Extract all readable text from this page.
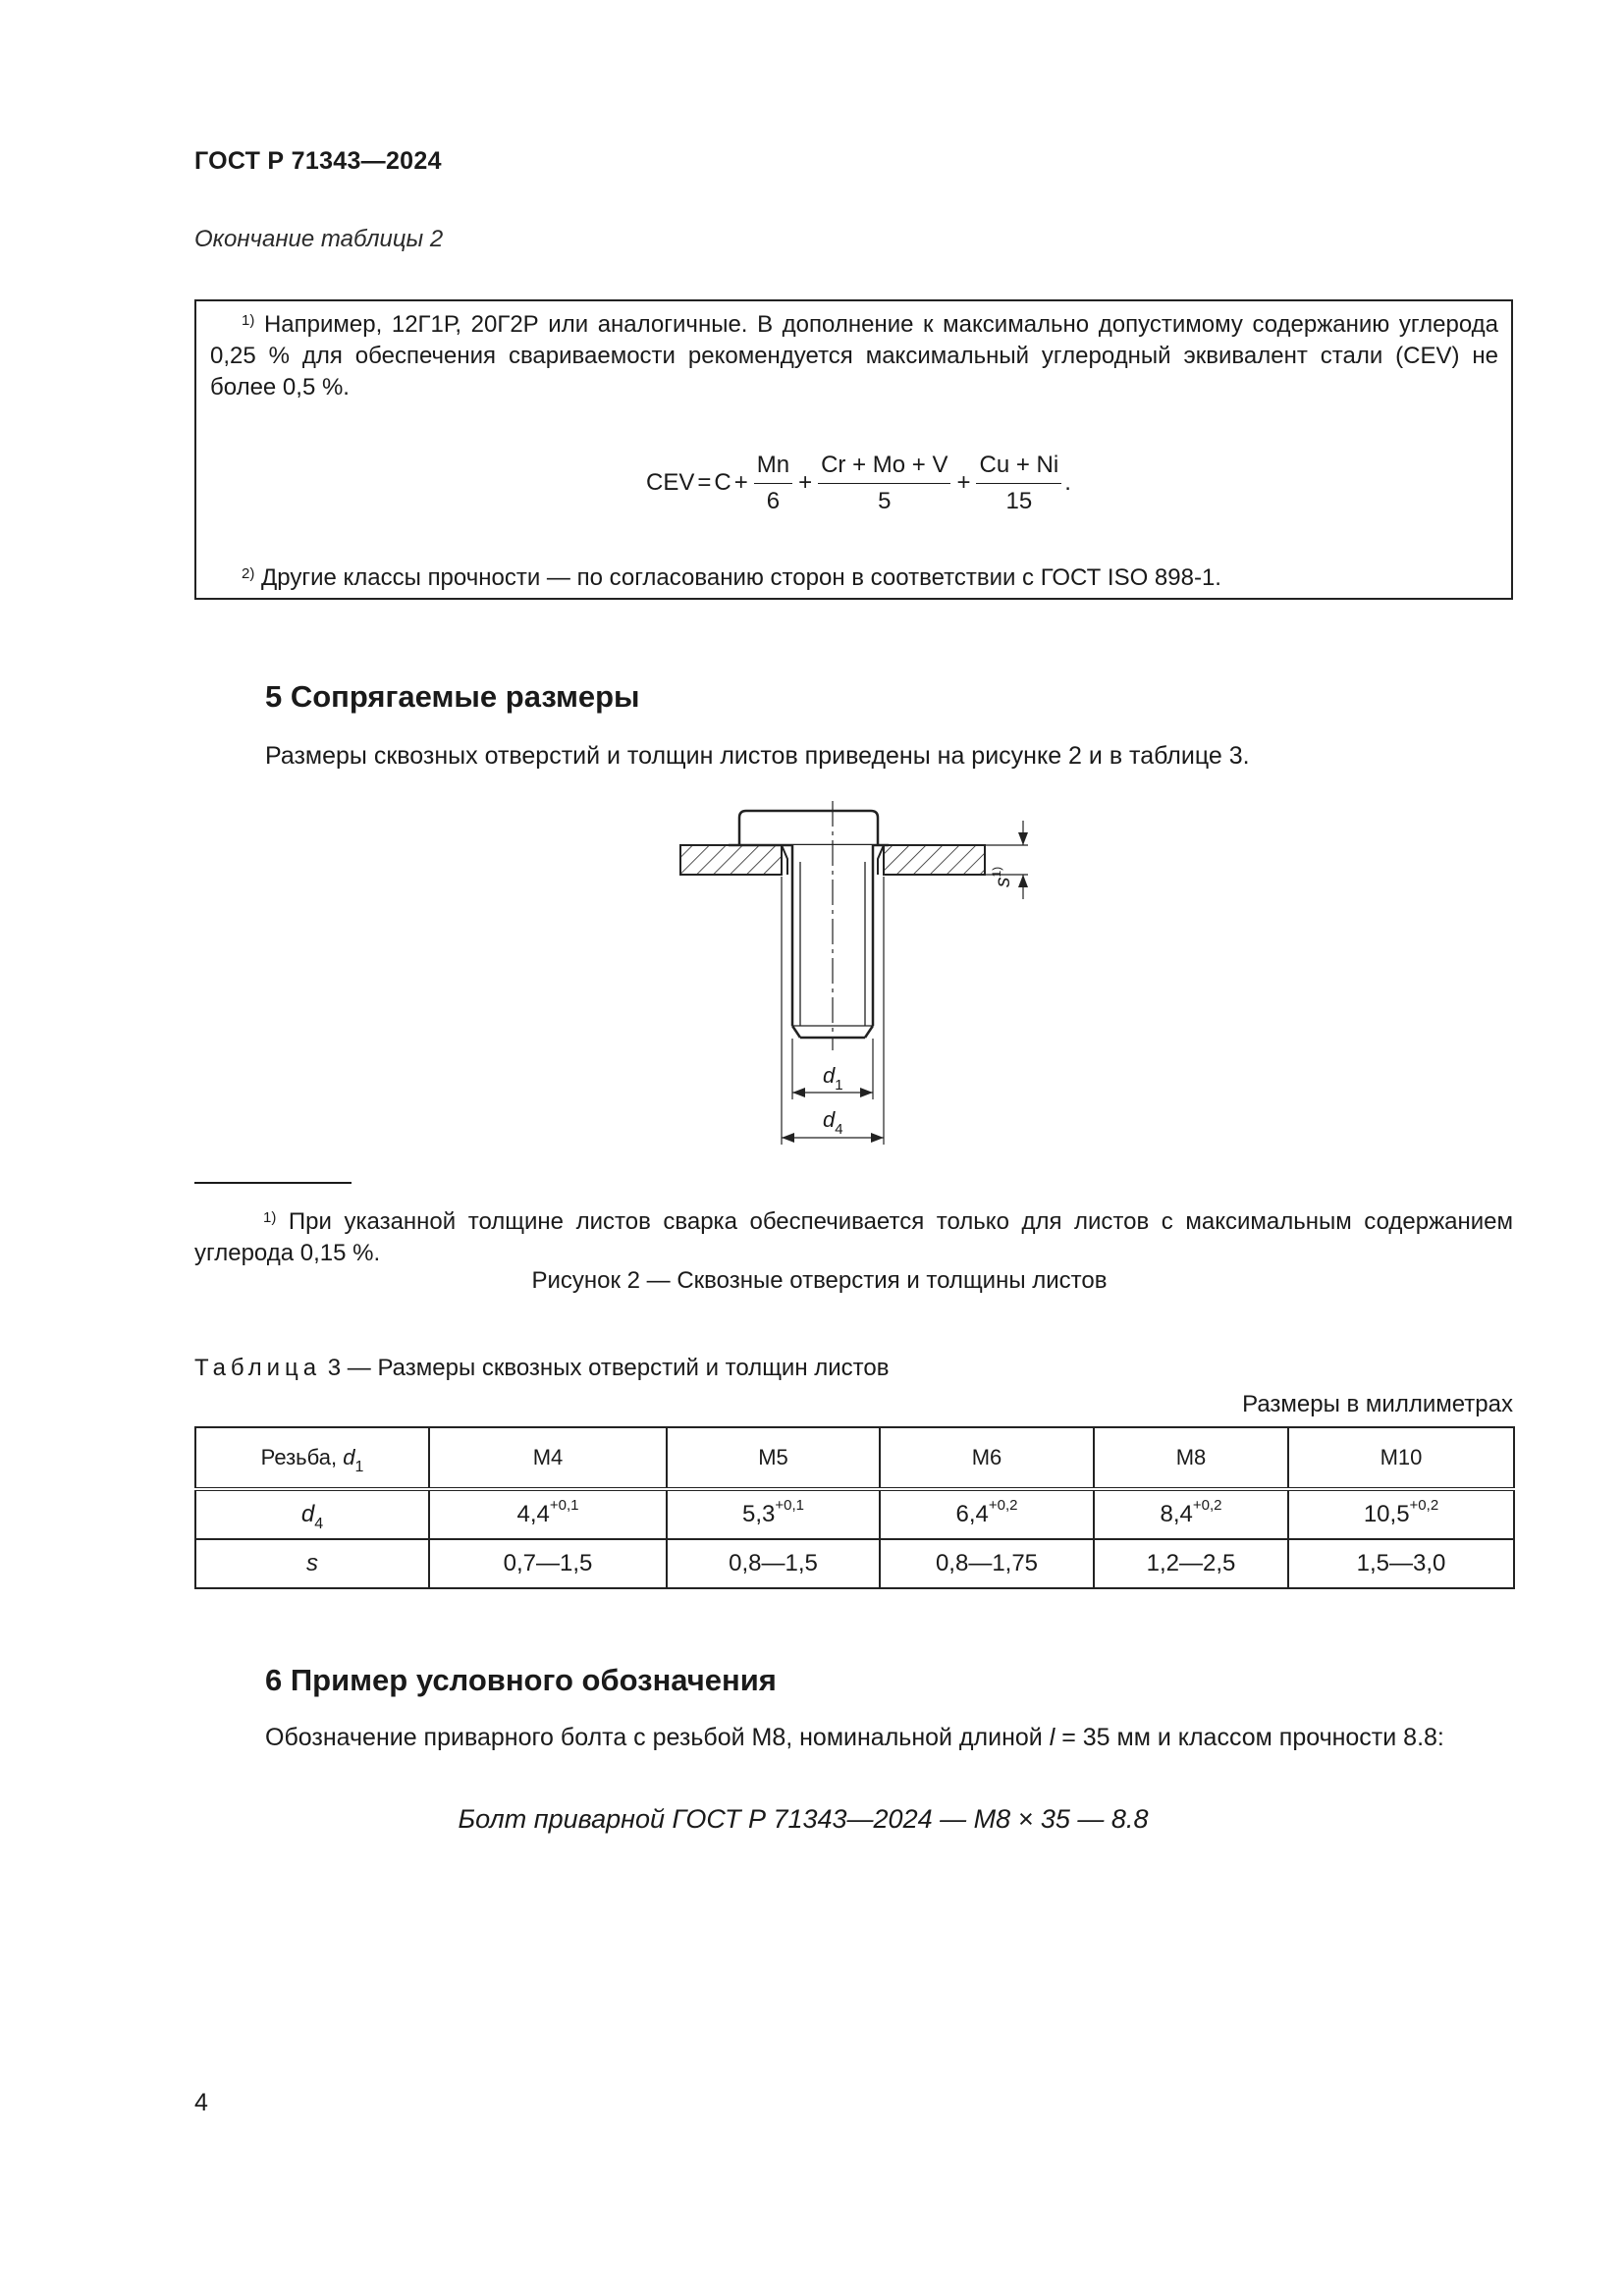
ГОСТ Р 71343—2024
Окончание таблицы 2
$^{1)}$ Например, 12Г1Р, 20Г2Р или аналогичные. В дополнение к максимально допустимому содержанию углерода 0,25 % для обеспечения свариваемости рекомендуется максимальный углеродный эквивалент стали (CEV) не более 0,5 %.
CEV = $C + \frac{Mn}{6} + \frac{Cr + Mo + V}{5} + \frac{Cu + Ni}{15}$ .
$^{2)}$ Другие классы прочности — по согласованию сторон в соответствии с ГОСТ ISO 898-1.
5 Сопрягаемые размеры
Размеры сквозных отверстий и толщин листов приведены на рисунке 2 и в таблице 3.
$s^{1)}$
$d_1$
$d_4$
$^{1)}$ При указанной толщине листов сварка обеспечивается только для листов с максимальным содержанием углерода 0,15 %.
Рисунок 2 — Сквозные отверстия и толщины листов
Таблица 3 — Размеры сквозных отверстий и толщин листов
Размеры в миллиметрах
Резьба, $d_1$	M4	M5	M6	M8	M10
$d_4$	$4,4^{+0,1}$	$5,3^{+0,1}$	$6,4^{+0,2}$	$8,4^{+0,2}$	$10,5^{+0,2}$
s	0,7—1,5	0,8—1,5	0,8—1,75	1,2—2,5	1,5—3,0
6 Пример условного обозначения
Обозначение приварного болта с резьбой М8, номинальной длиной l = 35 мм и классом прочности 8.8:
Болт приварной ГОСТ Р 71343—2024 — М8 × 35 — 8.8
4
